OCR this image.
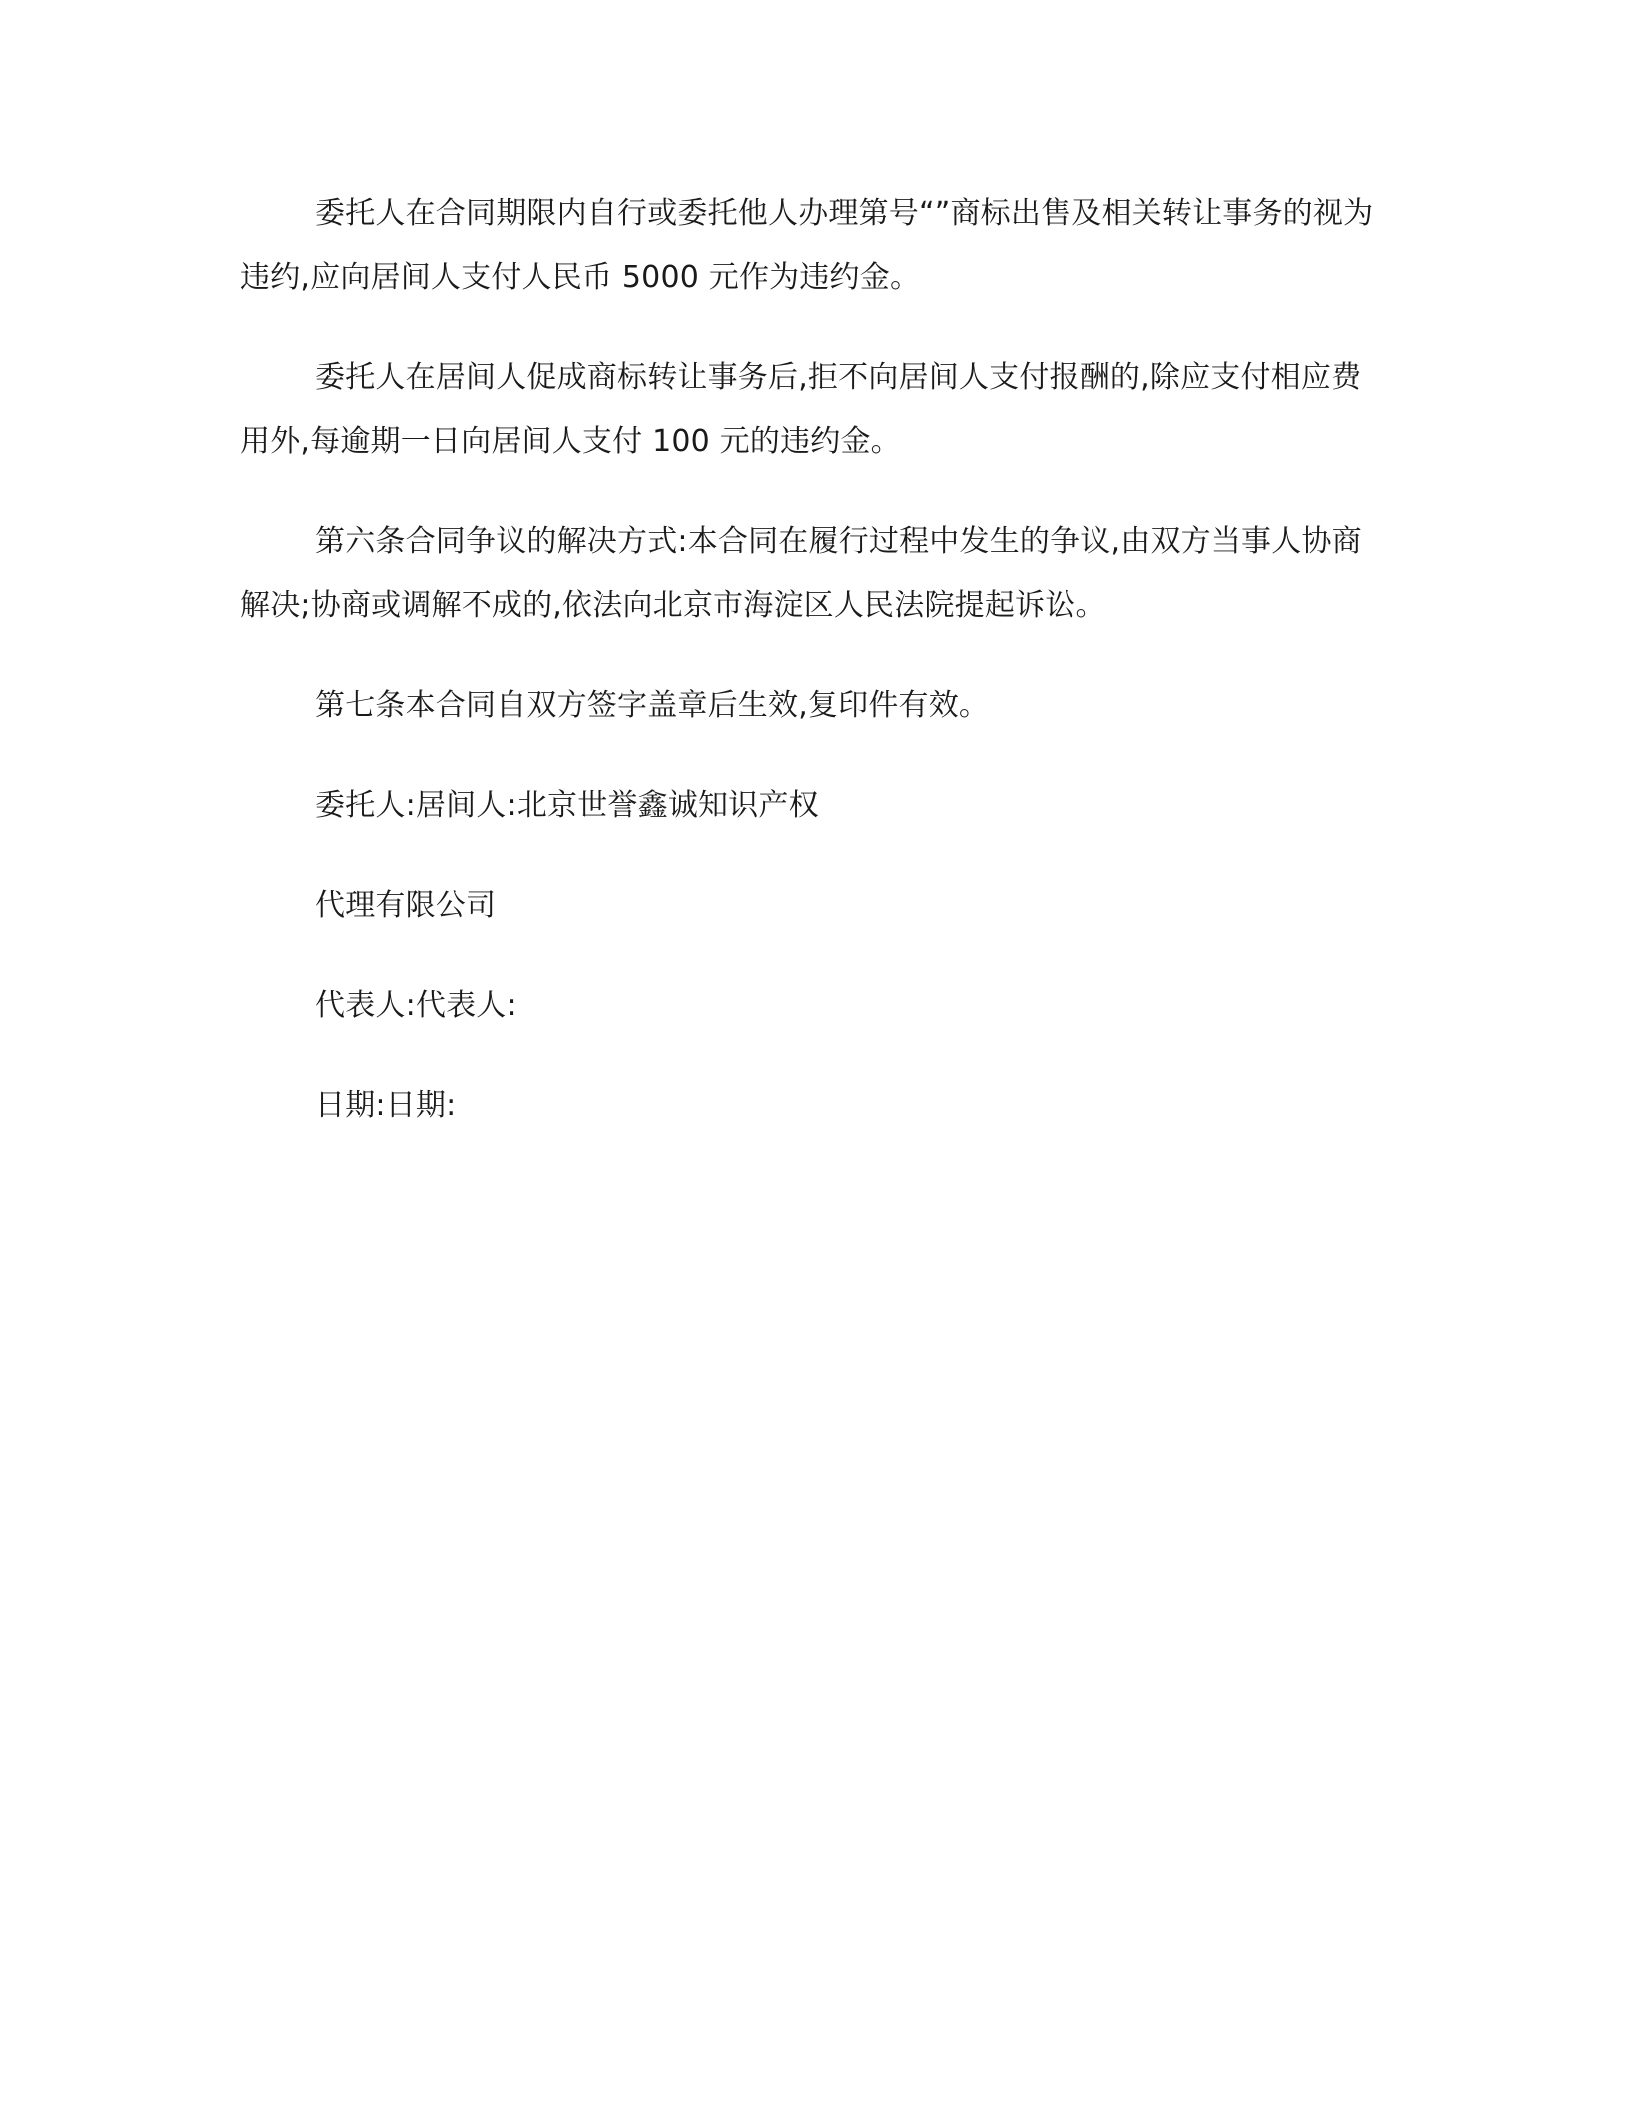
委托人在合同期限内自行或委托他人办理第号“”商标出售及相关转让事务的视为违约,应向居间人支付人民币 5000 元作为违约金。

委托人在居间人促成商标转让事务后,拒不向居间人支付报酬的,除应支付相应费用外,每逾期一日向居间人支付 100 元的违约金。

第六条合同争议的解决方式:本合同在履行过程中发生的争议,由双方当事人协商解决;协商或调解不成的,依法向北京市海淀区人民法院提起诉讼。

第七条本合同自双方签字盖章后生效,复印件有效。

委托人:居间人:北京世誉鑫诚知识产权

代理有限公司

代表人:代表人:

日期:日期:
